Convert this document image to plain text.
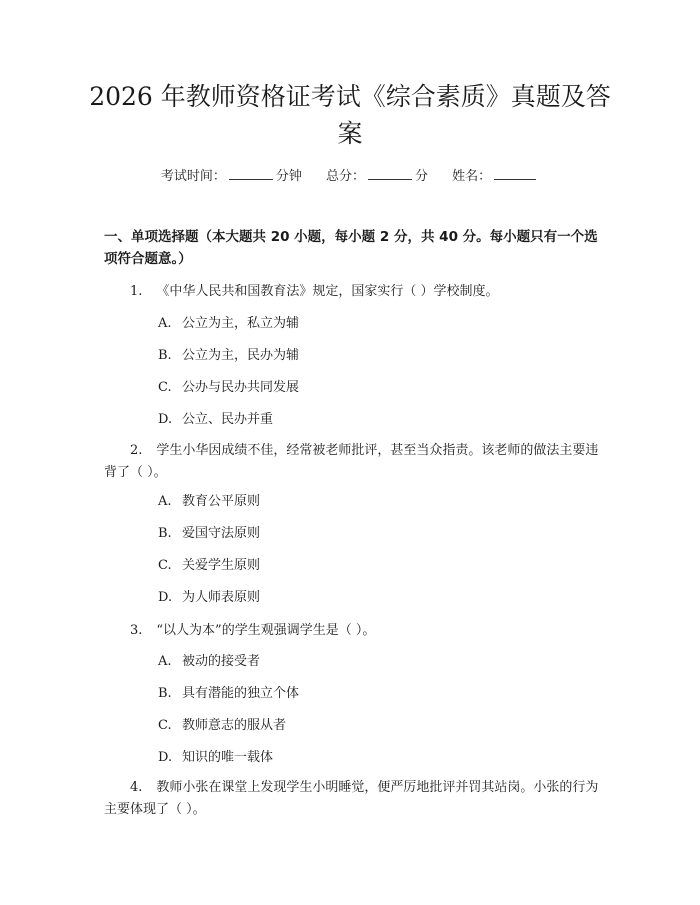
2026 年教师资格证考试《综合素质》真题及答案
考试时间：	分钟 总分：	分 姓名：

一、单项选择题（本大题共 20 小题，每小题 2 分，共 40 分。每小题只有一个选项符合题意。）

1. 《中华人民共和国教育法》规定，国家实行（ ）学校制度。

A. 公立为主，私立为辅

B. 公立为主，民办为辅

C. 公办与民办共同发展

D. 公立、民办并重

2. 学生小华因成绩不佳，经常被老师批评，甚至当众指责。该老师的做法主要违背了（ ）。

A. 教育公平原则

B. 爱国守法原则

C. 关爱学生原则

D. 为人师表原则

3. “以人为本”的学生观强调学生是（ ）。

A. 被动的接受者

B. 具有潜能的独立个体

C. 教师意志的服从者

D. 知识的唯一载体

4. 教师小张在课堂上发现学生小明睡觉，便严厉地批评并罚其站岗。小张的行为主要体现了（ ）。
